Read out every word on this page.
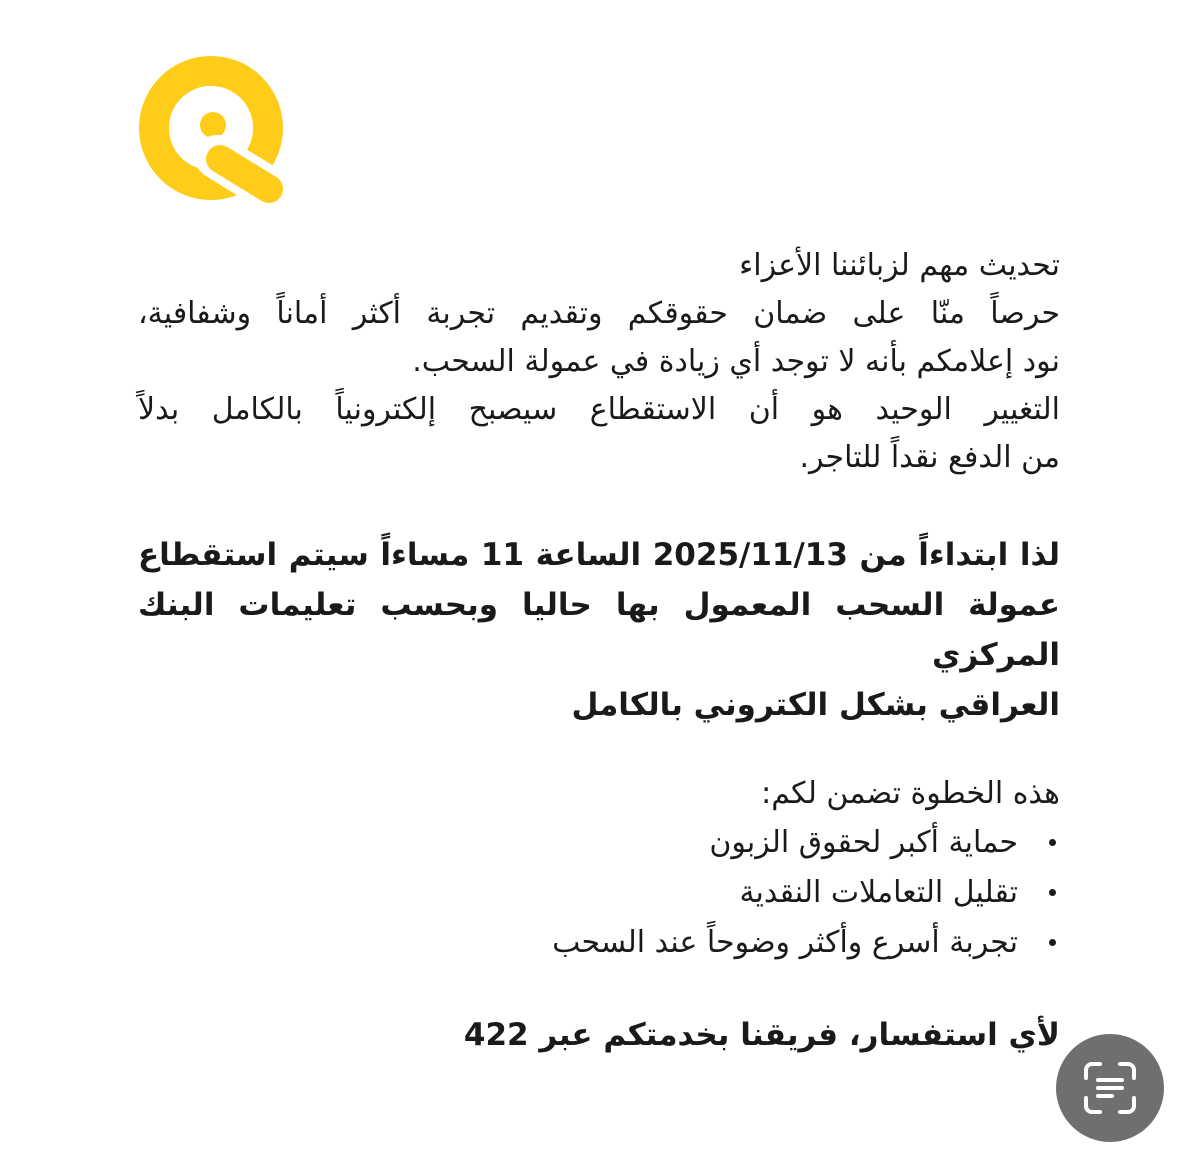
تحديث مهم لزبائننا الأعزاء
حرصاً منّا على ضمان حقوقكم وتقديم تجربة أكثر أماناً وشفافية،
نود إعلامكم بأنه لا توجد أي زيادة في عمولة السحب.
التغيير الوحيد هو أن الاستقطاع سيصبح إلكترونياً بالكامل بدلاً
من الدفع نقداً للتاجر.
لذا ابتداءاً من 2025/11/13 الساعة 11 مساءاً سيتم استقطاع
عمولة السحب المعمول بها حاليا وبحسب تعليمات البنك المركزي
العراقي بشكل الكتروني بالكامل
هذه الخطوة تضمن لكم:
حماية أكبر لحقوق الزبون
تقليل التعاملات النقدية
تجربة أسرع وأكثر وضوحاً عند السحب
لأي استفسار، فريقنا بخدمتكم عبر 422
